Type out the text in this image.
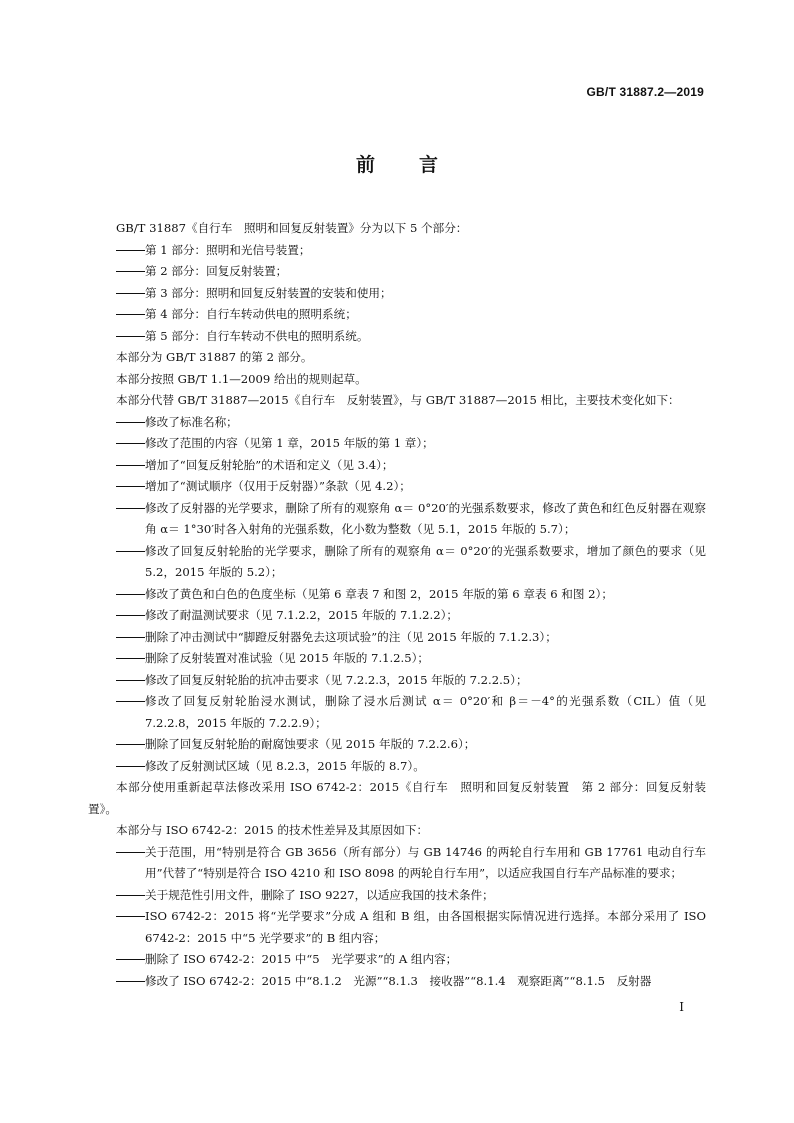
GB/T 31887.2—2019
前言
GB/T 31887《自行车　照明和回复反射装置》分为以下 5 个部分：
第 1 部分：照明和光信号装置；
第 2 部分：回复反射装置；
第 3 部分：照明和回复反射装置的安装和使用；
第 4 部分：自行车转动供电的照明系统；
第 5 部分：自行车转动不供电的照明系统。
本部分为 GB/T 31887 的第 2 部分。
本部分按照 GB/T 1.1—2009 给出的规则起草。
本部分代替 GB/T 31887—2015《自行车　反射装置》，与 GB/T 31887—2015 相比，主要技术变化如下：
修改了标准名称；
修改了范围的内容（见第 1 章，2015 年版的第 1 章）；
增加了“回复反射轮胎”的术语和定义（见 3.4）；
增加了“测试顺序（仅用于反射器）”条款（见 4.2）；
修改了反射器的光学要求，删除了所有的观察角 α＝ 0°20′的光强系数要求，修改了黄色和红色反射器在观察角 α＝ 1°30′时各入射角的光强系数，化小数为整数（见 5.1，2015 年版的 5.7）；
修改了回复反射轮胎的光学要求，删除了所有的观察角 α＝ 0°20′的光强系数要求，增加了颜色的要求（见 5.2，2015 年版的 5.2）；
修改了黄色和白色的色度坐标（见第 6 章表 7 和图 2，2015 年版的第 6 章表 6 和图 2）；
修改了耐温测试要求（见 7.1.2.2，2015 年版的 7.1.2.2）；
删除了冲击测试中“脚蹬反射器免去这项试验”的注（见 2015 年版的 7.1.2.3）；
删除了反射装置对准试验（见 2015 年版的 7.1.2.5）；
修改了回复反射轮胎的抗冲击要求（见 7.2.2.3，2015 年版的 7.2.2.5）；
修改了回复反射轮胎浸水测试，删除了浸水后测试 α＝ 0°20′和 β＝－4°的光强系数（CIL）值（见 7.2.2.8，2015 年版的 7.2.2.9）；
删除了回复反射轮胎的耐腐蚀要求（见 2015 年版的 7.2.2.6）；
修改了反射测试区域（见 8.2.3，2015 年版的 8.7）。
本部分使用重新起草法修改采用 ISO 6742-2：2015《自行车　照明和回复反射装置　第 2 部分：回复反射装置》。
本部分与 ISO 6742-2：2015 的技术性差异及其原因如下：
关于范围，用“特别是符合 GB 3656（所有部分）与 GB 14746 的两轮自行车用和 GB 17761 电动自行车用”代替了“特别是符合 ISO 4210 和 ISO 8098 的两轮自行车用”，以适应我国自行车产品标准的要求；
关于规范性引用文件，删除了 ISO 9227，以适应我国的技术条件；
ISO 6742-2：2015 将“光学要求”分成 A 组和 B 组，由各国根据实际情况进行选择。本部分采用了 ISO 6742-2：2015 中“5 光学要求”的 B 组内容；
删除了 ISO 6742-2：2015 中“5　光学要求”的 A 组内容；
修改了 ISO 6742-2：2015 中“8.1.2　光源”“8.1.3　接收器”“8.1.4　观察距离”“8.1.5　反射器
I
